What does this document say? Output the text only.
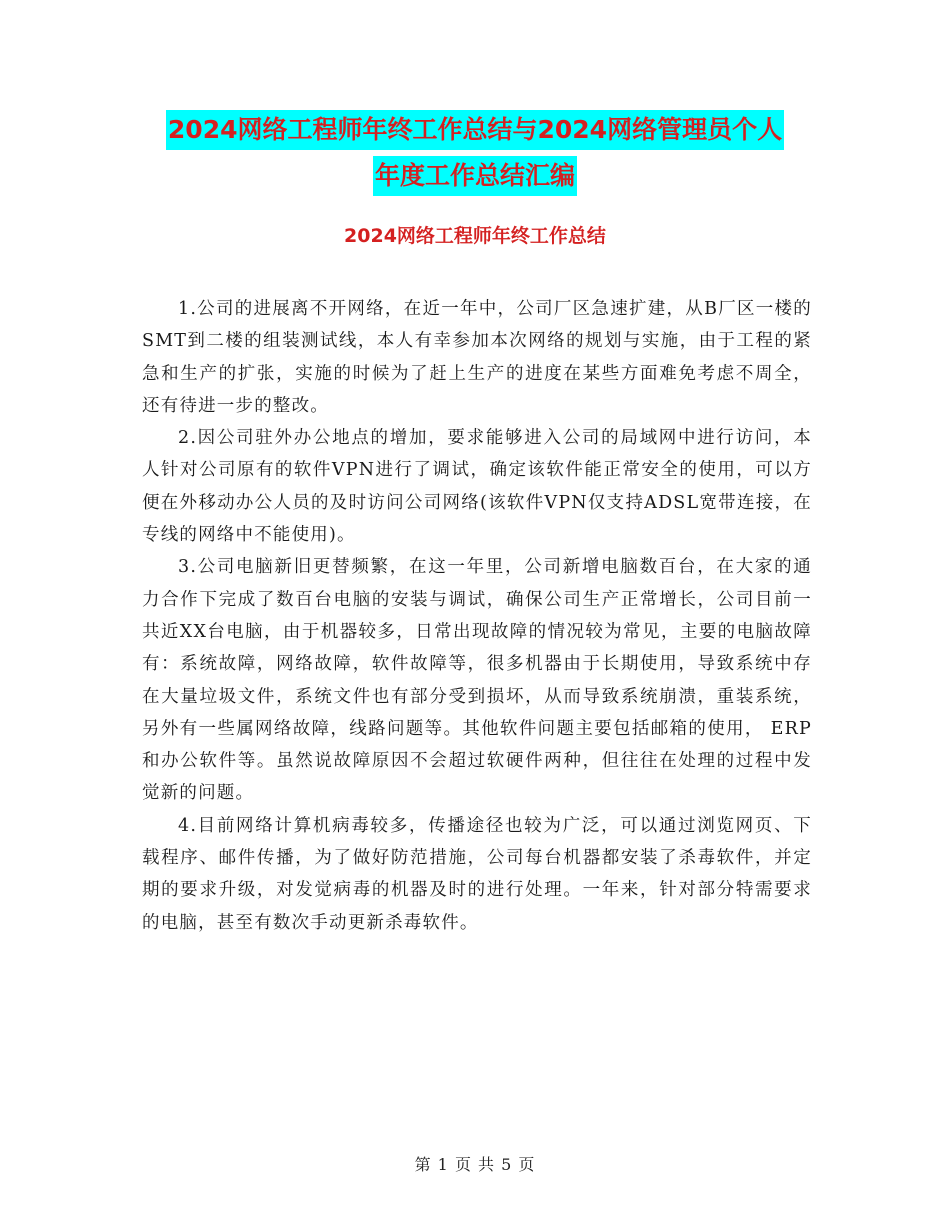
2024网络工程师年终工作总结与2024网络管理员个人
年度工作总结汇编
2024网络工程师年终工作总结

1.公司的进展离不开网络，在近一年中，公司厂区急速扩建，从B厂区一楼的SMT到二楼的组装测试线，本人有幸参加本次网络的规划与实施，由于工程的紧急和生产的扩张，实施的时候为了赶上生产的进度在某些方面难免考虑不周全，还有待进一步的整改。

2.因公司驻外办公地点的增加，要求能够进入公司的局域网中进行访问，本人针对公司原有的软件VPN进行了调试，确定该软件能正常安全的使用，可以方便在外移动办公人员的及时访问公司网络(该软件VPN仅支持ADSL宽带连接，在专线的网络中不能使用)。

3.公司电脑新旧更替频繁，在这一年里，公司新增电脑数百台，在大家的通力合作下完成了数百台电脑的安装与调试，确保公司生产正常增长，公司目前一共近XX台电脑，由于机器较多，日常出现故障的情况较为常见，主要的电脑故障有：系统故障，网络故障，软件故障等，很多机器由于长期使用，导致系统中存在大量垃圾文件，系统文件也有部分受到损坏，从而导致系统崩溃，重装系统，另外有一些属网络故障，线路问题等。其他软件问题主要包括邮箱的使用， ERP和办公软件等。虽然说故障原因不会超过软硬件两种，但往往在处理的过程中发觉新的问题。

4.目前网络计算机病毒较多，传播途径也较为广泛，可以通过浏览网页、下载程序、邮件传播，为了做好防范措施，公司每台机器都安装了杀毒软件，并定期的要求升级，对发觉病毒的机器及时的进行处理。一年来，针对部分特需要求的电脑，甚至有数次手动更新杀毒软件。

第 1 页 共 5 页
